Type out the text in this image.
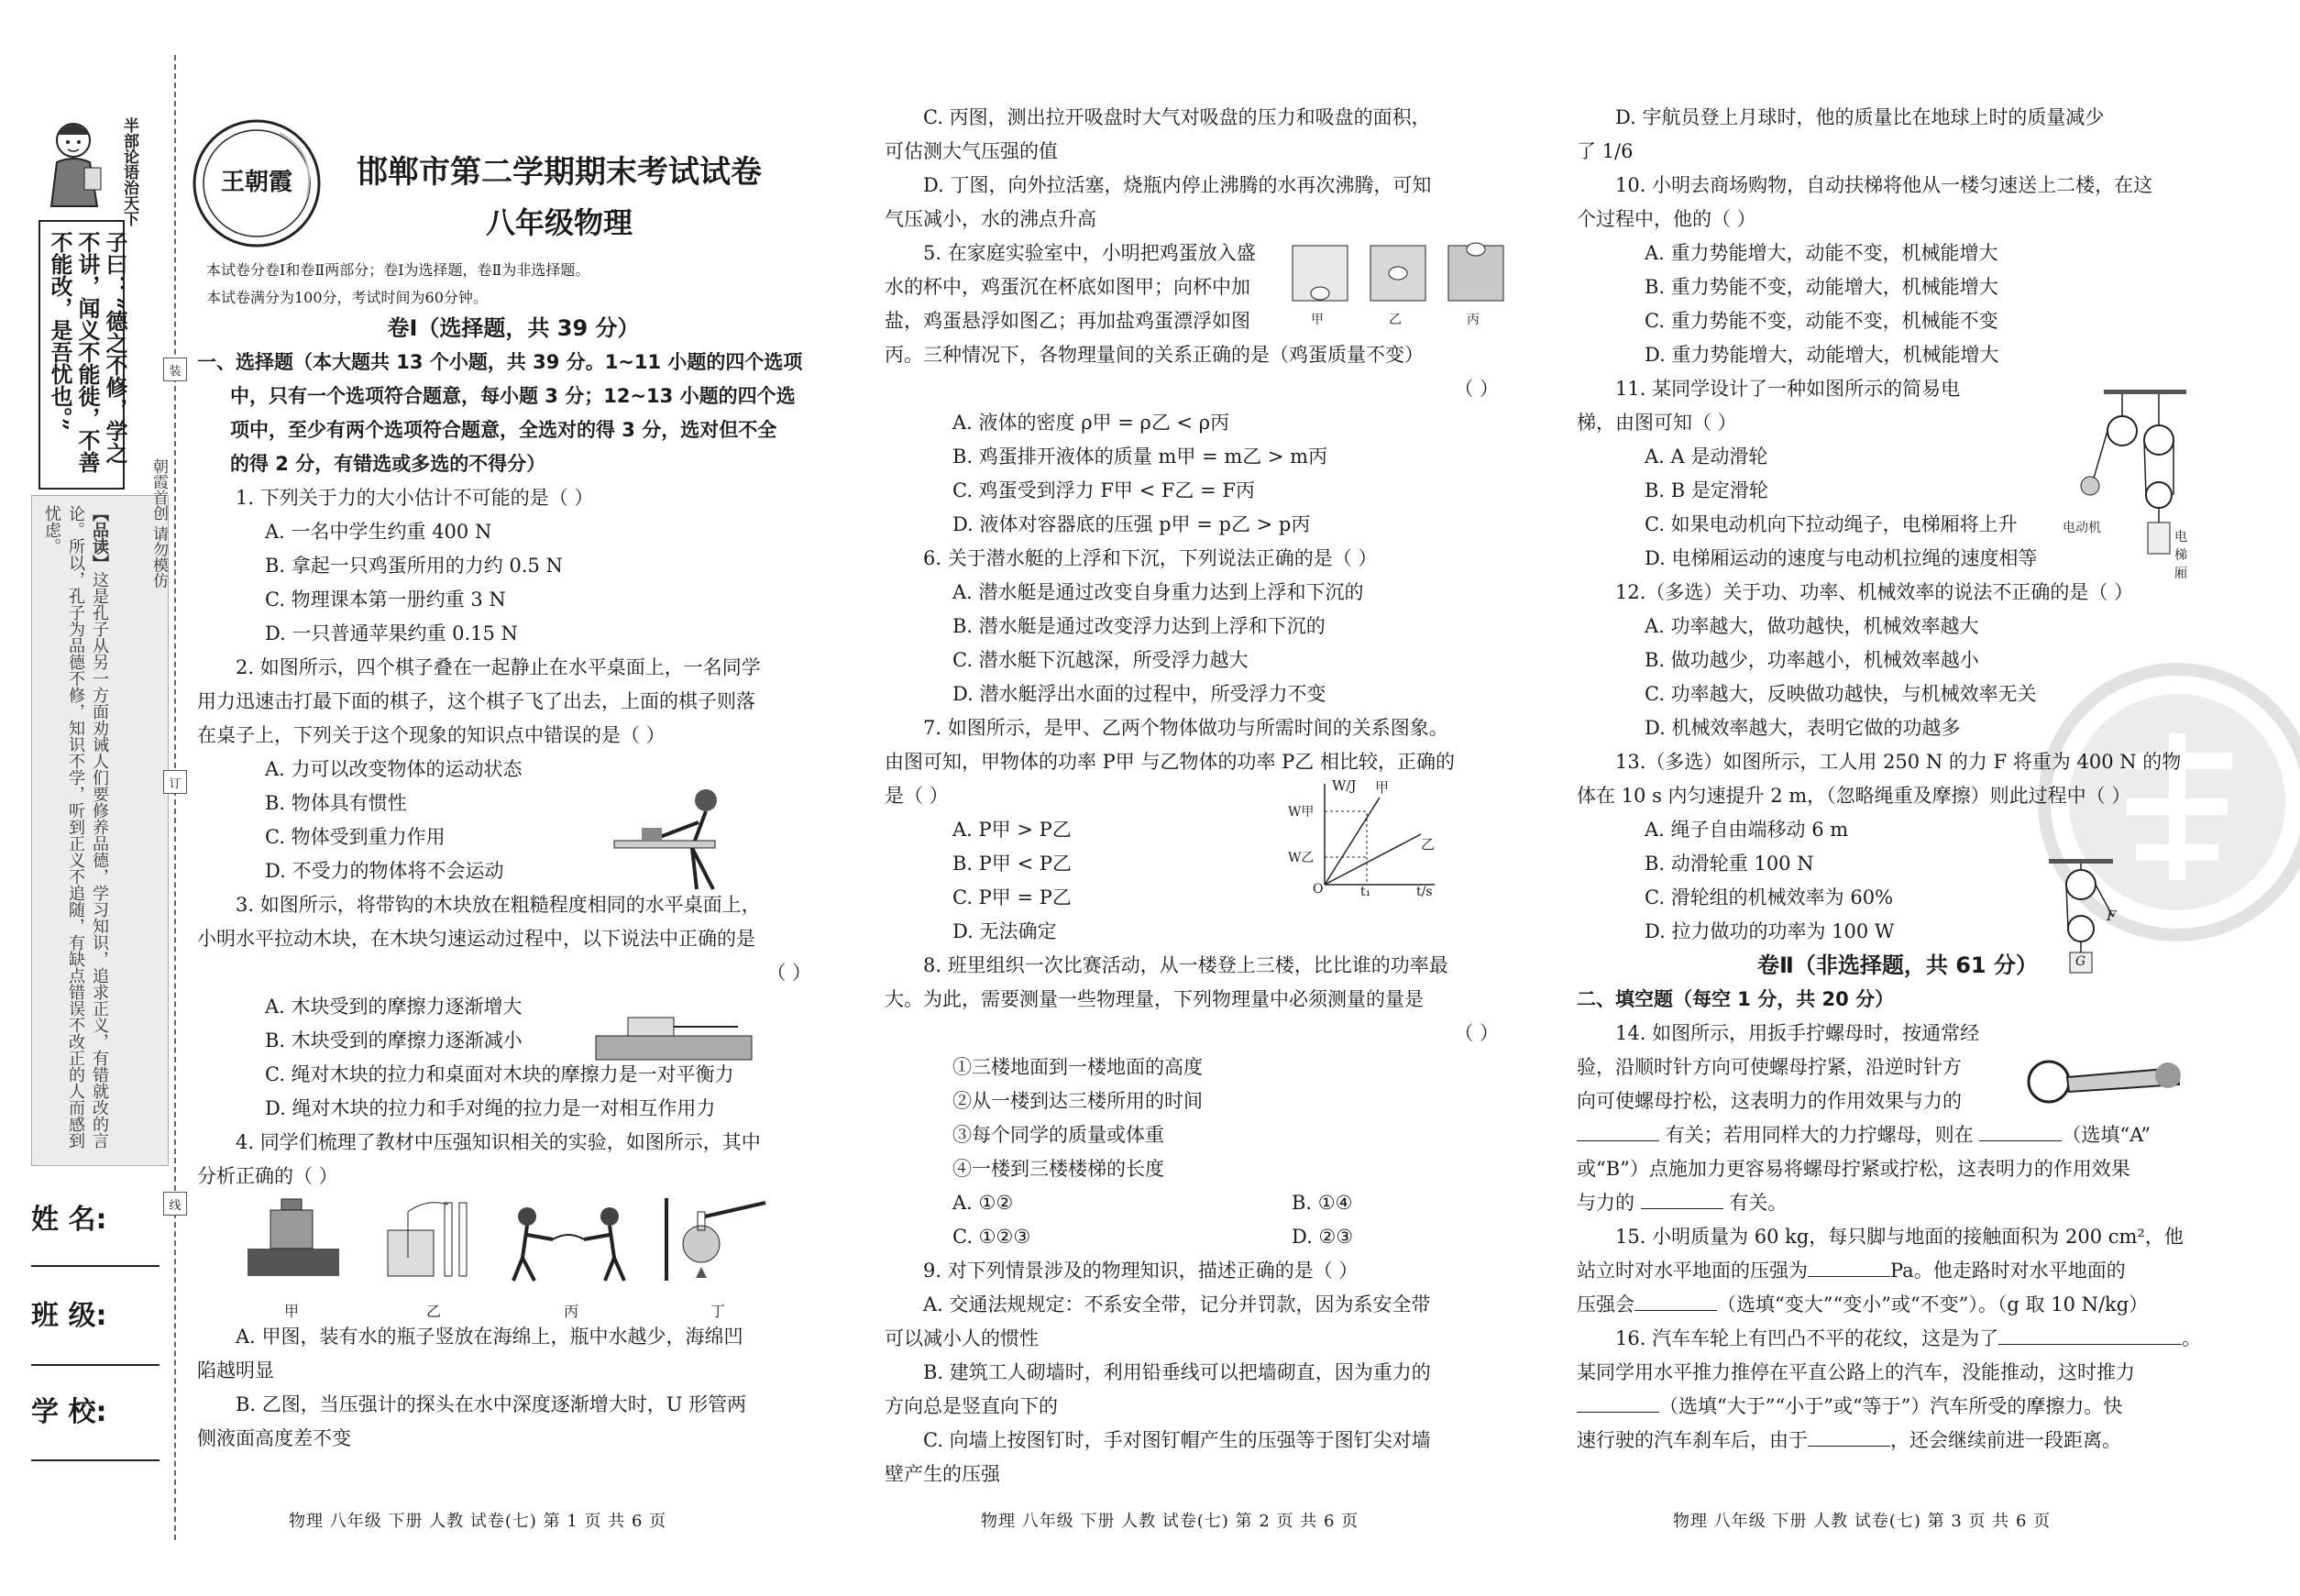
半部论语治天下
子曰：“德之不修，学之不讲，闻义不能徙，不善不能改，是吾忧也。”
【品读】这是孔子从另一方面劝诫人们要修养品德，学习知识，追求正义，有错就改的言论。所以，孔子为品德不修，知识不学，听到正义不追随，有缺点错误不改正的人而感到忧虑。	朝霞首创 请勿模仿
姓 名:
班 级:
学 校:
装
订
线
王朝霞	邯郸市第二学期期末考试试卷
八年级物理

本试卷分卷Ⅰ和卷Ⅱ两部分；卷Ⅰ为选择题，卷Ⅱ为非选择题。

本试卷满分为100分，考试时间为60分钟。

卷Ⅰ（选择题，共 39 分）

一、选择题（本大题共 13 个小题，共 39 分。1~11 小题的四个选项

中，只有一个选项符合题意，每小题 3 分；12~13 小题的四个选

项中，至少有两个选项符合题意，全选对的得 3 分，选对但不全

的得 2 分，有错选或多选的不得分）

1. 下列关于力的大小估计不可能的是（ ）

A. 一名中学生约重 400 N

B. 拿起一只鸡蛋所用的力约 0.5 N

C. 物理课本第一册约重 3 N

D. 一只普通苹果约重 0.15 N

2. 如图所示，四个棋子叠在一起静止在水平桌面上，一名同学

用力迅速击打最下面的棋子，这个棋子飞了出去，上面的棋子则落

在桌子上，下列关于这个现象的知识点中错误的是（ ）

A. 力可以改变物体的运动状态

B. 物体具有惯性

C. 物体受到重力作用

D. 不受力的物体将不会运动

3. 如图所示，将带钩的木块放在粗糙程度相同的水平桌面上，

小明水平拉动木块，在木块匀速运动过程中，以下说法中正确的是

（ ）

A. 木块受到的摩擦力逐渐增大

B. 木块受到的摩擦力逐渐减小

C. 绳对木块的拉力和桌面对木块的摩擦力是一对平衡力

D. 绳对木块的拉力和手对绳的拉力是一对相互作用力

4. 同学们梳理了教材中压强知识相关的实验，如图所示，其中

分析正确的（ ）

甲	乙	丙	丁

A. 甲图，装有水的瓶子竖放在海绵上，瓶中水越少，海绵凹

陷越明显

B. 乙图，当压强计的探头在水中深度逐渐增大时，U 形管两

侧液面高度差不变

物理 八年级 下册 人教 试卷(七) 第 1 页 共 6 页

C. 丙图，测出拉开吸盘时大气对吸盘的压力和吸盘的面积，

可估测大气压强的值

D. 丁图，向外拉活塞，烧瓶内停止沸腾的水再次沸腾，可知

气压减小，水的沸点升高

5. 在家庭实验室中，小明把鸡蛋放入盛

水的杯中，鸡蛋沉在杯底如图甲；向杯中加

盐，鸡蛋悬浮如图乙；再加盐鸡蛋漂浮如图

丙。三种情况下，各物理量间的关系正确的是（鸡蛋质量不变）

（ ）

A. 液体的密度 ρ甲 = ρ乙 < ρ丙

B. 鸡蛋排开液体的质量 m甲 = m乙 > m丙

C. 鸡蛋受到浮力 F甲 < F乙 = F丙

D. 液体对容器底的压强 p甲 = p乙 > p丙

6. 关于潜水艇的上浮和下沉，下列说法正确的是（ ）

A. 潜水艇是通过改变自身重力达到上浮和下沉的

B. 潜水艇是通过改变浮力达到上浮和下沉的

C. 潜水艇下沉越深，所受浮力越大

D. 潜水艇浮出水面的过程中，所受浮力不变

7. 如图所示，是甲、乙两个物体做功与所需时间的关系图象。

由图可知，甲物体的功率 P甲 与乙物体的功率 P乙 相比较，正确的

是（ ）

A. P甲 > P乙

B. P甲 < P乙

C. P甲 = P乙

D. 无法确定

8. 班里组织一次比赛活动，从一楼登上三楼，比比谁的功率最

大。为此，需要测量一些物理量，下列物理量中必须测量的量是

（ ）

①三楼地面到一楼地面的高度

②从一楼到达三楼所用的时间

③每个同学的质量或体重

④一楼到三楼楼梯的长度

A. ①②	B. ①④

C. ①②③	D. ②③

9. 对下列情景涉及的物理知识，描述正确的是（ ）

A. 交通法规规定：不系安全带，记分并罚款，因为系安全带

可以减小人的惯性

B. 建筑工人砌墙时，利用铅垂线可以把墙砌直，因为重力的

方向总是竖直向下的

C. 向墙上按图钉时，手对图钉帽产生的压强等于图钉尖对墙

壁产生的压强

甲	乙	丙
W/J 甲
乙
W甲
W乙
O	t₁	t/s
物理 八年级 下册 人教 试卷(七) 第 2 页 共 6 页

D. 宇航员登上月球时，他的质量比在地球上时的质量减少

了 1/6

10. 小明去商场购物，自动扶梯将他从一楼匀速送上二楼，在这

个过程中，他的（ ）

A. 重力势能增大，动能不变，机械能增大

B. 重力势能不变，动能增大，机械能增大

C. 重力势能不变，动能不变，机械能不变

D. 重力势能增大，动能增大，机械能增大

11. 某同学设计了一种如图所示的简易电

梯，由图可知（ ）

A. A 是动滑轮

B. B 是定滑轮

C. 如果电动机向下拉动绳子，电梯厢将上升

D. 电梯厢运动的速度与电动机拉绳的速度相等

12.（多选）关于功、功率、机械效率的说法不正确的是（ ）

A. 功率越大，做功越快，机械效率越大

B. 做功越少，功率越小，机械效率越小

C. 功率越大，反映做功越快，与机械效率无关

D. 机械效率越大，表明它做的功越多

13.（多选）如图所示，工人用 250 N 的力 F 将重为 400 N 的物

体在 10 s 内匀速提升 2 m，（忽略绳重及摩擦）则此过程中（ ）

A. 绳子自由端移动 6 m

B. 动滑轮重 100 N

C. 滑轮组的机械效率为 60%

D. 拉力做功的功率为 100 W

卷Ⅱ（非选择题，共 61 分）

二、填空题（每空 1 分，共 20 分）

14. 如图所示，用扳手拧螺母时，按通常经

验，沿顺时针方向可使螺母拧紧，沿逆时针方

向可使螺母拧松，这表明力的作用效果与力的

有关；若用同样大的力拧螺母，则在	（选填“A”

或“B”）点施加力更容易将螺母拧紧或拧松，这表明力的作用效果

与力的	有关。

15. 小明质量为 60 kg，每只脚与地面的接触面积为 200 cm²，他

站立时对水平地面的压强为	Pa。他走路时对水平地面的

压强会	（选填“变大”“变小”或“不变”）。（g 取 10 N/kg）

16. 汽车车轮上有凹凸不平的花纹，这是为了	。

某同学用水平推力推停在平直公路上的汽车，没能推动，这时推力

（选填“大于”“小于”或“等于”）汽车所受的摩擦力。快

速行驶的汽车刹车后，由于	，还会继续前进一段距离。

电动机
电梯厢
F
G
物理 八年级 下册 人教 试卷(七) 第 3 页 共 6 页
